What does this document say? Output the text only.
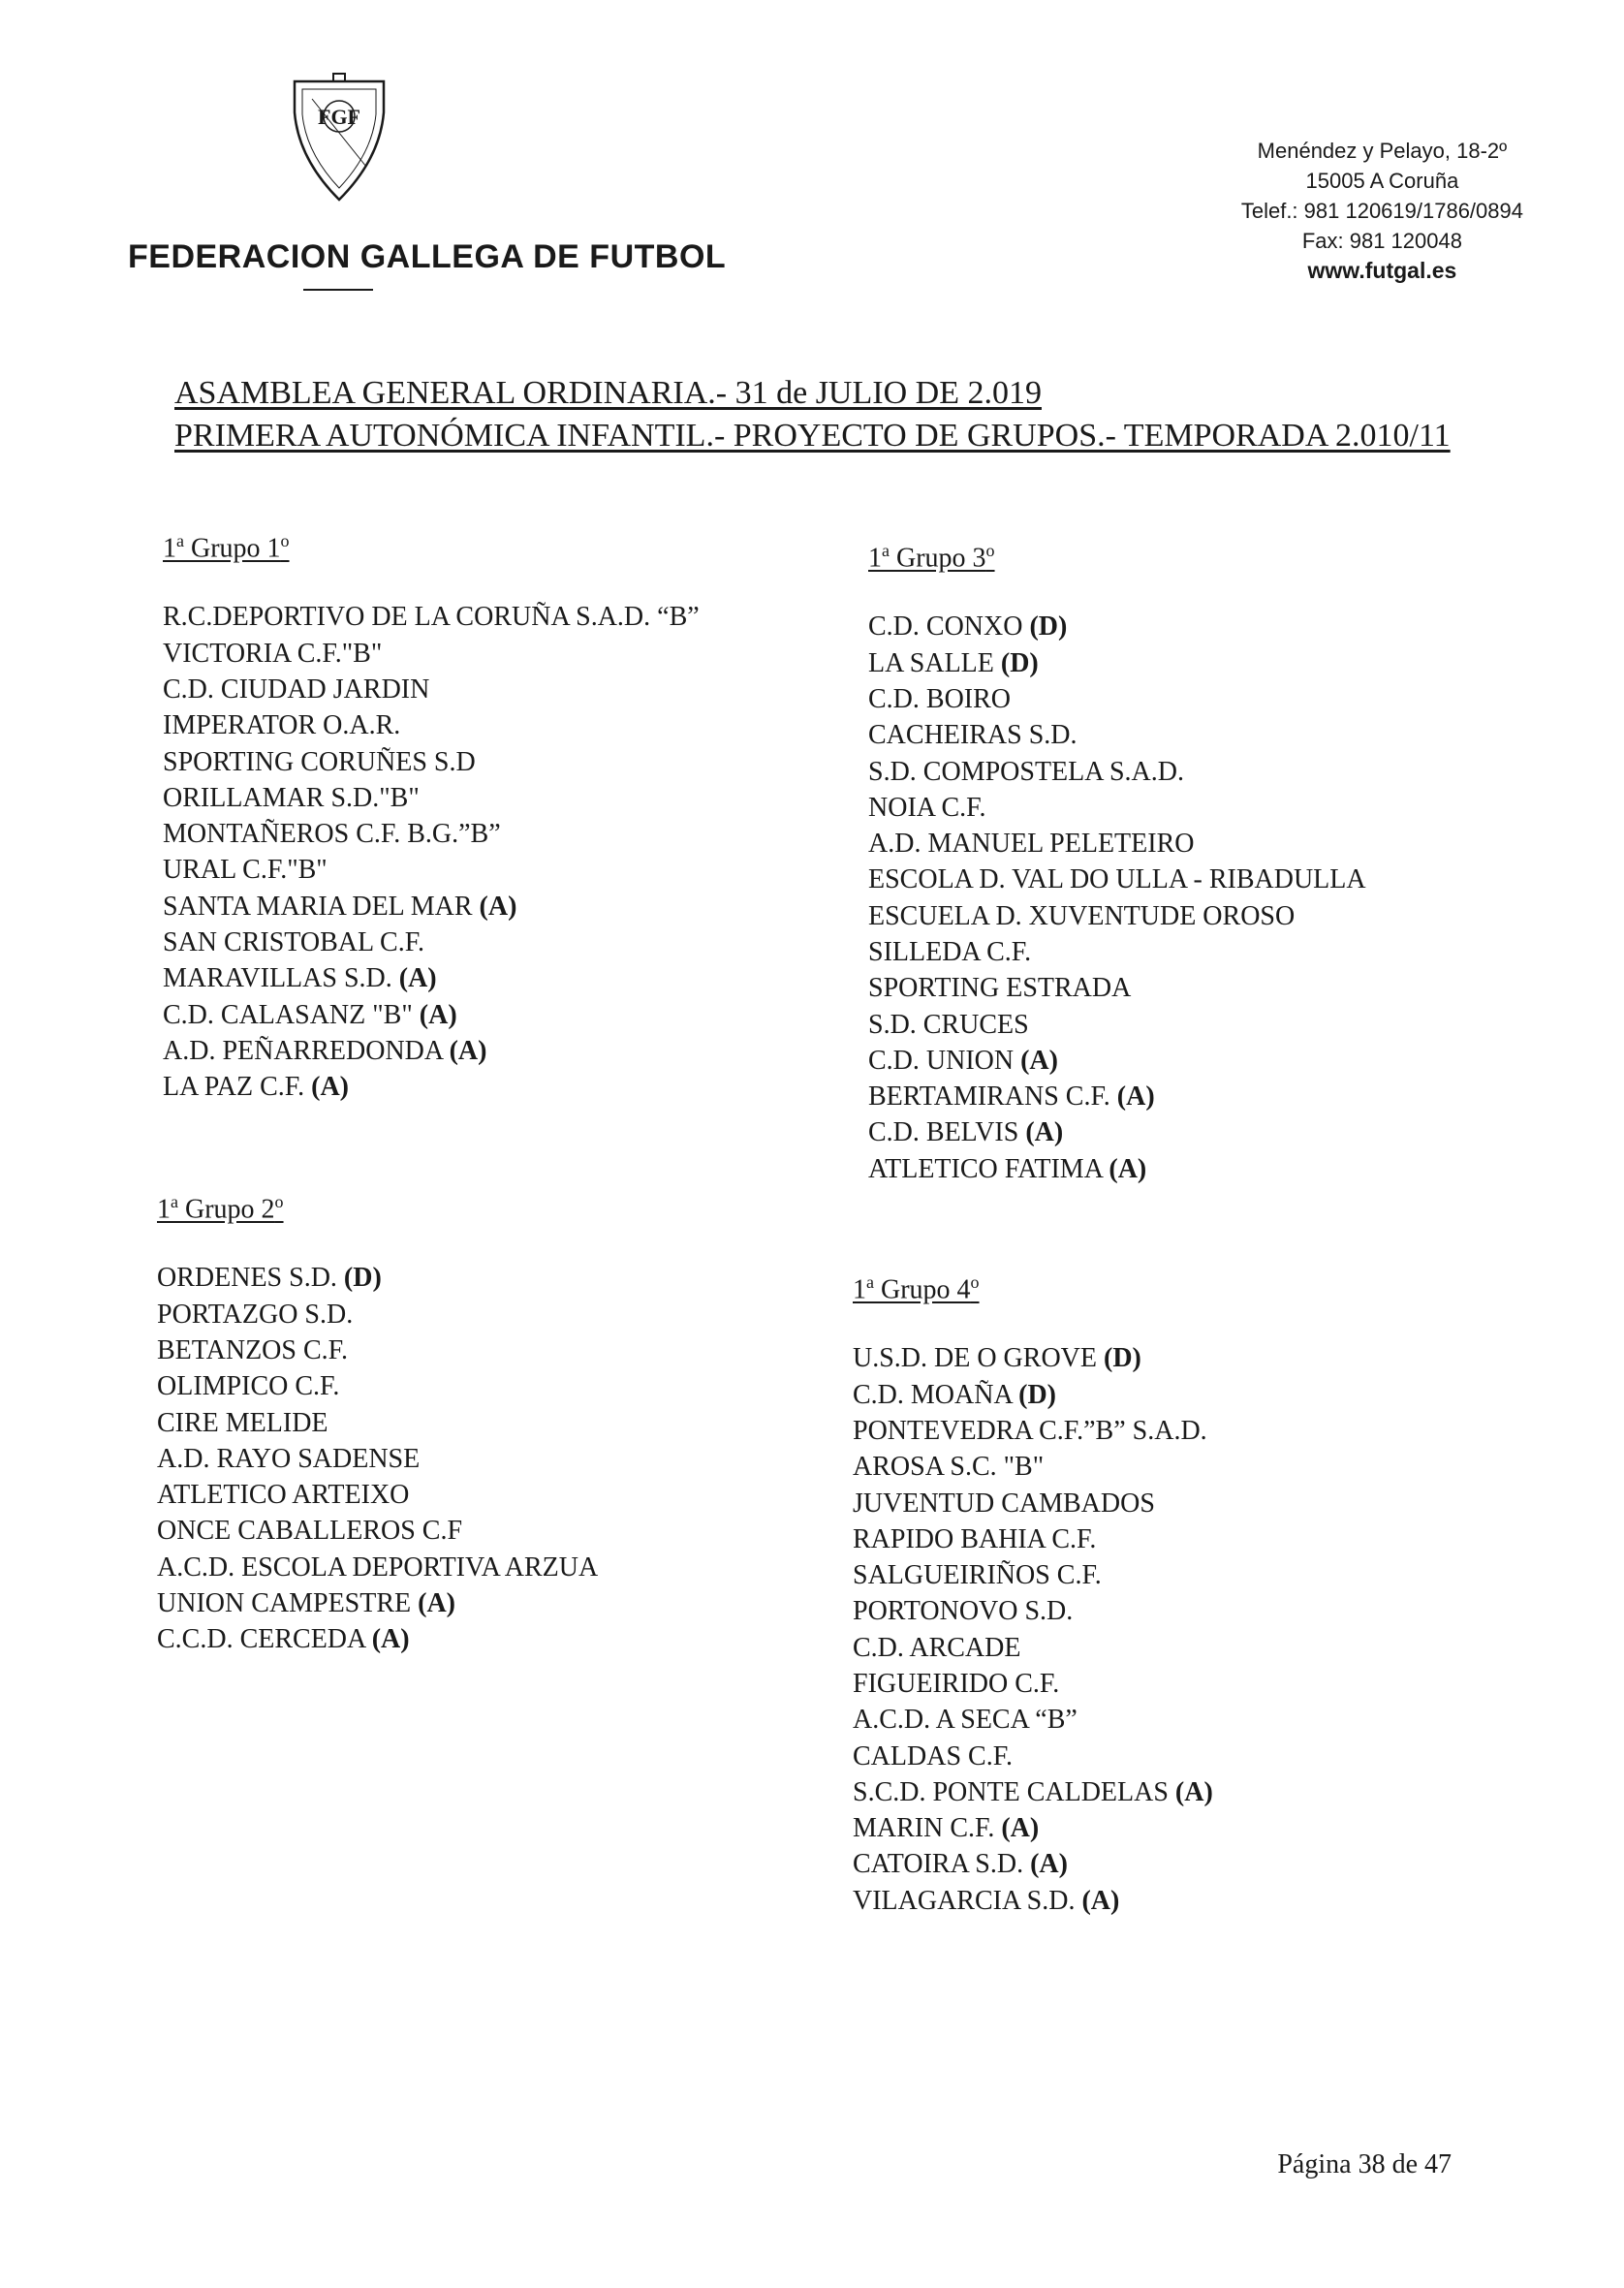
FGF
FEDERACION GALLEGA DE FUTBOL
Menéndez y Pelayo, 18-2º
15005 A Coruña
Telef.: 981 120619/1786/0894
Fax: 981 120048
www.futgal.es
ASAMBLEA GENERAL ORDINARIA.- 31 de JULIO DE 2.019
PRIMERA AUTONÓMICA INFANTIL.- PROYECTO DE GRUPOS.- TEMPORADA 2.010/11
1$^a$ Grupo 1$^o$
R.C.DEPORTIVO DE LA CORUÑA S.A.D. “B”
VICTORIA C.F."B"
C.D. CIUDAD JARDIN
IMPERATOR O.A.R.
SPORTING CORUÑES S.D
ORILLAMAR S.D."B"
MONTAÑEROS C.F. B.G.”B”
URAL C.F."B"
SANTA MARIA DEL MAR (A)
SAN CRISTOBAL C.F.
MARAVILLAS S.D. (A)
C.D. CALASANZ "B" (A)
A.D. PEÑARREDONDA (A)
LA PAZ C.F. (A)
1$^a$ Grupo 2$^o$
ORDENES S.D. (D)
PORTAZGO S.D.
BETANZOS C.F.
OLIMPICO C.F.
CIRE MELIDE
A.D. RAYO SADENSE
ATLETICO ARTEIXO
ONCE CABALLEROS C.F
A.C.D. ESCOLA DEPORTIVA ARZUA
UNION CAMPESTRE (A)
C.C.D. CERCEDA (A)
1$^a$ Grupo 3$^o$
C.D. CONXO (D)
LA SALLE (D)
C.D. BOIRO
CACHEIRAS S.D.
S.D. COMPOSTELA S.A.D.
NOIA C.F.
A.D. MANUEL PELETEIRO
ESCOLA D. VAL DO ULLA - RIBADULLA
ESCUELA D. XUVENTUDE OROSO
SILLEDA C.F.
SPORTING ESTRADA
S.D. CRUCES
C.D. UNION (A)
BERTAMIRANS C.F. (A)
C.D. BELVIS (A)
ATLETICO FATIMA (A)
1$^a$ Grupo 4$^o$
U.S.D. DE O GROVE (D)
C.D. MOAÑA (D)
PONTEVEDRA C.F.”B” S.A.D.
AROSA S.C. "B"
JUVENTUD CAMBADOS
RAPIDO BAHIA C.F.
SALGUEIRIÑOS C.F.
PORTONOVO S.D.
C.D. ARCADE
FIGUEIRIDO C.F.
A.C.D. A SECA “B”
CALDAS C.F.
S.C.D. PONTE CALDELAS (A)
MARIN C.F. (A)
CATOIRA S.D. (A)
VILAGARCIA S.D. (A)
Página 38 de 47
